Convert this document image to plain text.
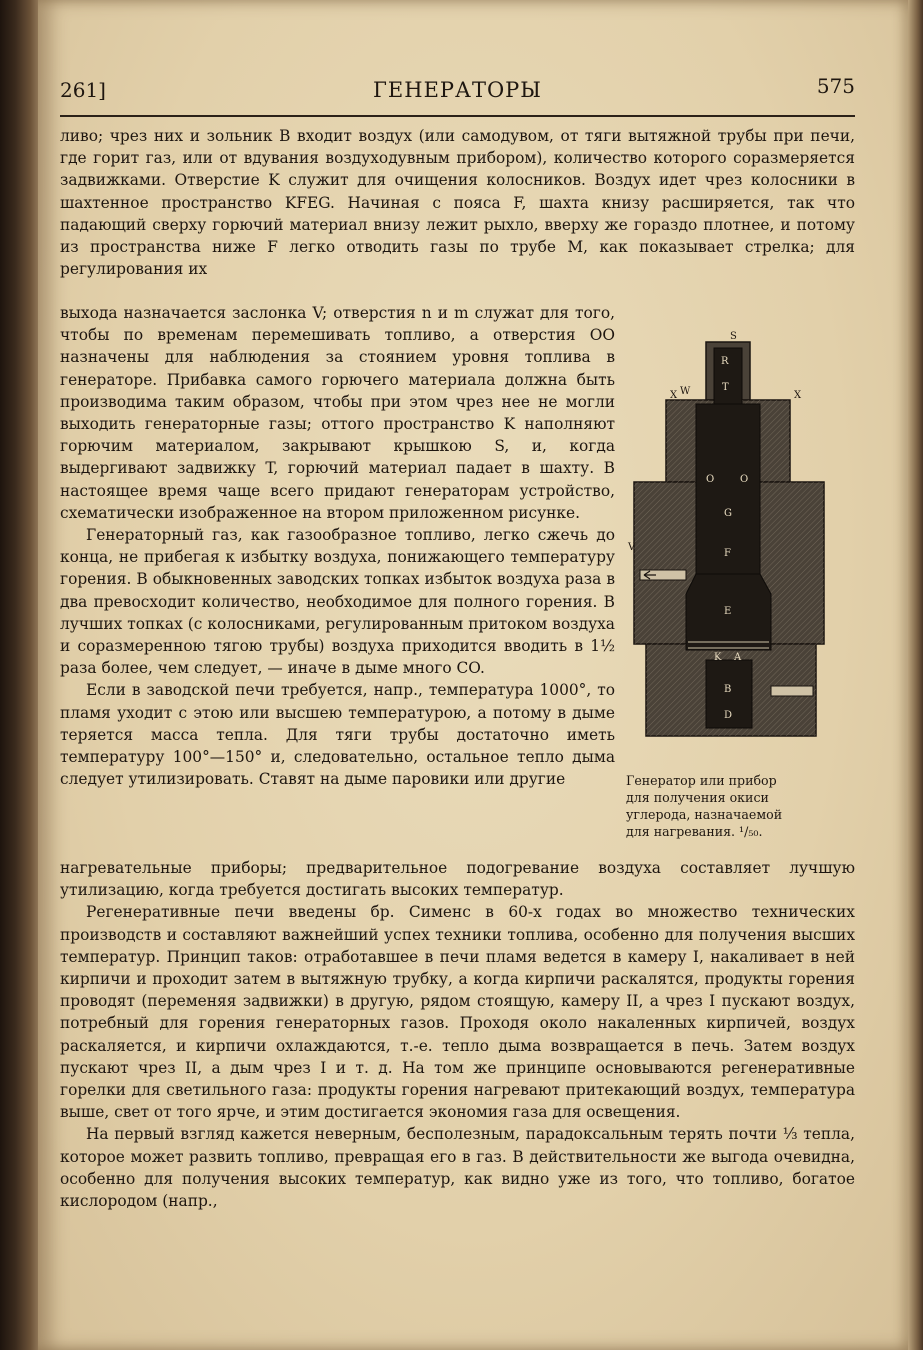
261]	ГЕНЕРАТОРЫ	575

ливо; чрез них и зольник B входит воздух (или самодувом, от тяги вытяжной трубы при печи, где горит газ, или от вдувания воздуходувным прибором), количество которого соразмеряется задвижками. Отверстие K служит для очищения колосников. Воздух идет чрез колосники в шахтенное пространство KFEG. Начиная с пояса F, шахта книзу расширяется, так что падающий сверху горючий материал внизу лежит рыхло, вверху же гораздо плотнее, и потому из пространства ниже F легко отводить газы по трубе M, как показывает стрелка; для регулирования их

выхода назначается заслонка V; отверстия n и m служат для того, чтобы по временам перемешивать топливо, а отверстия OO назначены для наблюдения за стоянием уровня топлива в генераторе. Прибавка самого горючего материала должна быть производима таким образом, чтобы при этом чрез нее не могли выходить генераторные газы; оттого пространство K наполняют горючим материалом, закрывают крышкою S, и, когда выдергивают задвижку T, горючий материал падает в шахту. В настоящее время чаще всего придают генераторам устройство, схематически изображенное на втором приложенном рисунке.

Генераторный газ, как газообразное топливо, легко сжечь до конца, не прибегая к избытку воздуха, понижающего температуру горения. В обыкновенных заводских топках избыток воздуха раза в два превосходит количество, необходимое для полного горения. В лучших топках (с колосниками, регулированным притоком воздуха и соразмеренною тягою трубы) воздуха приходится вводить в 1½ раза более, чем следует, — иначе в дыме много CO.

Если в заводской печи требуется, напр., температура 1000°, то пламя уходит с этою или высшею температурою, а потому в дыме теряется масса тепла. Для тяги трубы достаточно иметь температуру 100°—150° и, следовательно, остальное тепло дыма следует утилизировать. Ставят на дыме паровики или другие

R
T
O	O
G
F
E
K A
B
D
S
X W	X
V
Генератор или прибор
для получения окиси
углерода, назначаемой
для нагревания. ¹/₅₀.

нагревательные приборы; предварительное подогревание воздуха составляет лучшую утилизацию, когда требуется достигать высоких температур.

Регенеративные печи введены бр. Сименс в 60-х годах во множество технических производств и составляют важнейший успех техники топлива, особенно для получения высших температур. Принцип таков: отработавшее в печи пламя ведется в камеру I, накаливает в ней кирпичи и проходит затем в вытяжную трубку, а когда кирпичи раскалятся, продукты горения проводят (переменяя задвижки) в другую, рядом стоящую, камеру II, а чрез I пускают воздух, потребный для горения генераторных газов. Проходя около накаленных кирпичей, воздух раскаляется, и кирпичи охлаждаются, т.-е. тепло дыма возвращается в печь. Затем воздух пускают чрез II, а дым чрез I и т. д. На том же принципе основываются регенеративные горелки для светильного газа: продукты горения нагревают притекающий воздух, температура выше, свет от того ярче, и этим достигается экономия газа для освещения.

На первый взгляд кажется неверным, бесполезным, парадоксальным терять почти ⅓ тепла, которое может развить топливо, превращая его в газ. В действительности же выгода очевидна, особенно для получения высоких температур, как видно уже из того, что топливо, богатое кислородом (напр.,
